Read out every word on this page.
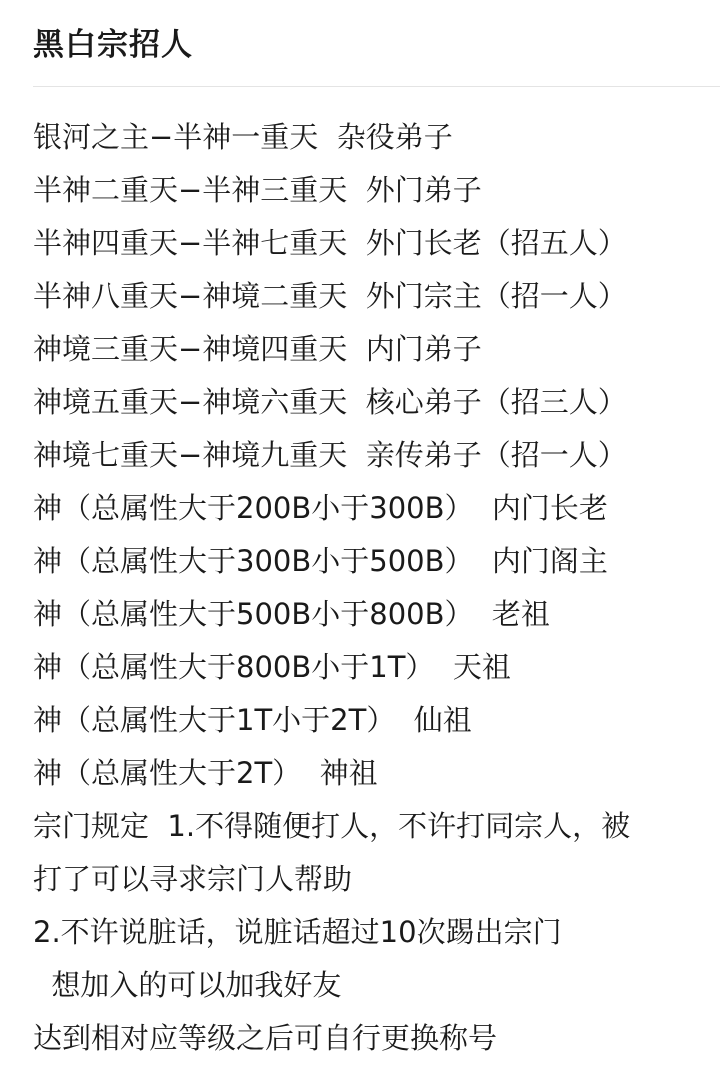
黑白宗招人
银河之主−半神一重天  杂役弟子
半神二重天−半神三重天  外门弟子
半神四重天−半神七重天  外门长老（招五人）
半神八重天−神境二重天  外门宗主（招一人）
神境三重天−神境四重天  内门弟子
神境五重天−神境六重天  核心弟子（招三人）
神境七重天−神境九重天  亲传弟子（招一人）
神（总属性大于200B小于300B）  内门长老
神（总属性大于300B小于500B）  内门阁主
神（总属性大于500B小于800B）  老祖
神（总属性大于800B小于1T）  天祖
神（总属性大于1T小于2T）  仙祖
神（总属性大于2T）  神祖
宗门规定  1.不得随便打人，不许打同宗人，被
打了可以寻求宗门人帮助
2.不许说脏话，说脏话超过10次踢出宗门
想加入的可以加我好友
达到相对应等级之后可自行更换称号
